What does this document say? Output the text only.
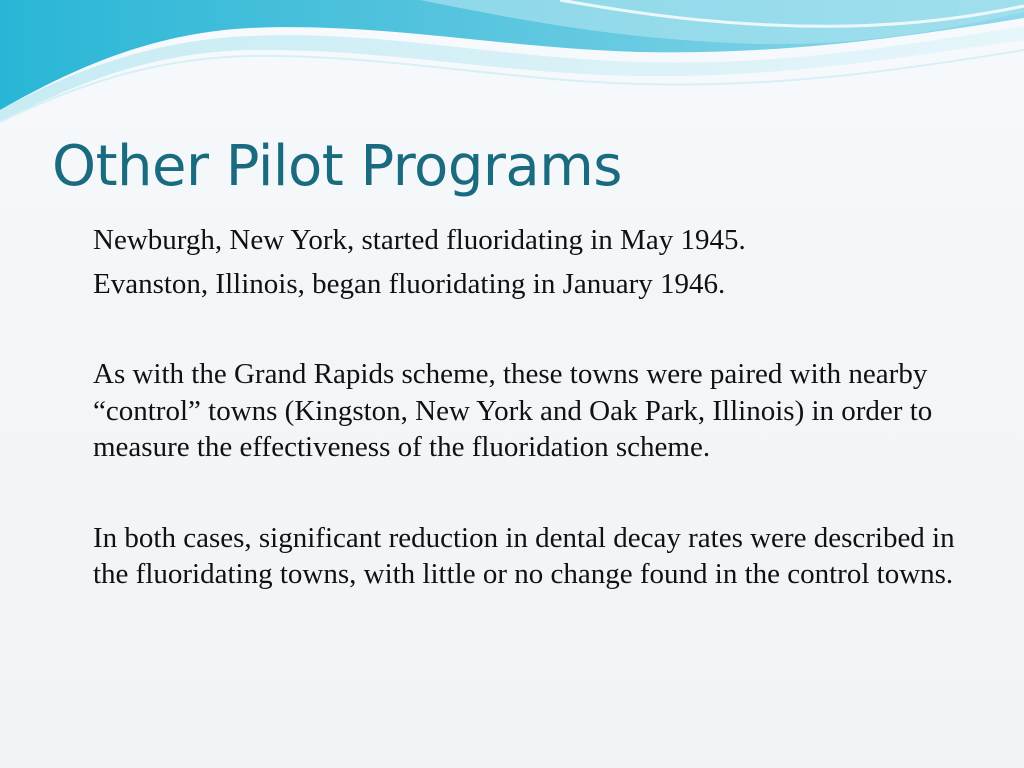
Other Pilot Programs

Newburgh, New York, started fluoridating in May 1945.

Evanston, Illinois, began fluoridating in January 1946.

As with the Grand Rapids scheme, these towns were paired with nearby “control” towns (Kingston, New York and Oak Park, Illinois) in order to measure the effectiveness of the fluoridation scheme.

In both cases, significant reduction in dental decay rates were described in the fluoridating towns, with little or no change found in the control towns.
